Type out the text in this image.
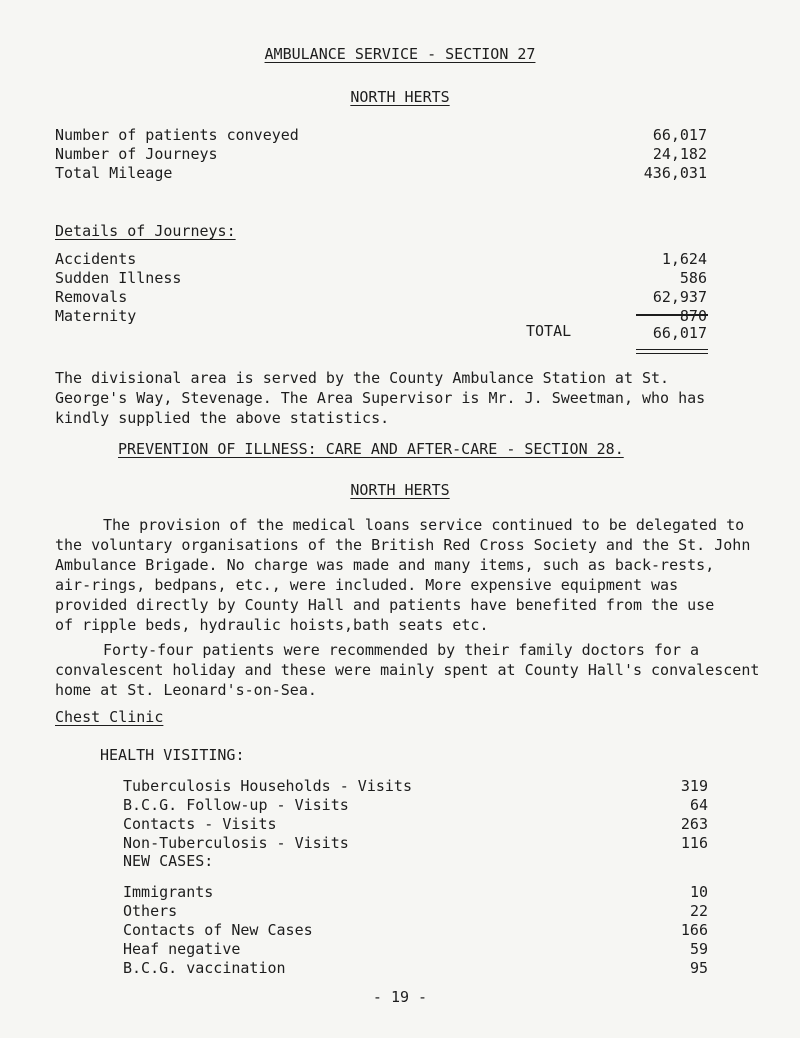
AMBULANCE SERVICE - SECTION 27
NORTH HERTS
Number of patients conveyed	66,017
Number of Journeys	24,182
Total Mileage	436,031
Details of Journeys:
Accidents	1,624
Sudden Illness	586
Removals	62,937
Maternity	870
TOTAL	66,017
The divisional area is served by the County Ambulance Station at St.
George's Way, Stevenage. The Area Supervisor is Mr. J. Sweetman, who has
kindly supplied the above statistics.
PREVENTION OF ILLNESS: CARE AND AFTER-CARE - SECTION 28.
NORTH HERTS
The provision of the medical loans service continued to be delegated to
the voluntary organisations of the British Red Cross Society and the St. John
Ambulance Brigade. No charge was made and many items, such as back-rests,
air-rings, bedpans, etc., were included. More expensive equipment was
provided directly by County Hall and patients have benefited from the use
of ripple beds, hydraulic hoists,bath seats etc.
Forty-four patients were recommended by their family doctors for a
convalescent holiday and these were mainly spent at County Hall's convalescent
home at St. Leonard's-on-Sea.
Chest Clinic
HEALTH VISITING:
Tuberculosis Households - Visits	319
B.C.G. Follow-up - Visits	64
Contacts - Visits	263
Non-Tuberculosis - Visits	116
NEW CASES:
Immigrants	10
Others	22
Contacts of New Cases	166
Heaf negative	59
B.C.G. vaccination	95
- 19 -
